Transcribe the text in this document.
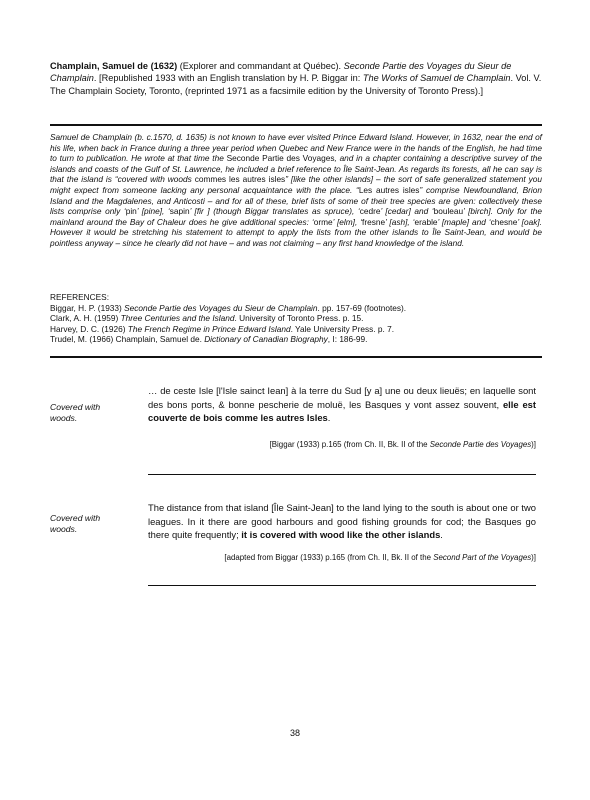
Champlain, Samuel de (1632) (Explorer and commandant at Québec). Seconde Partie des Voyages du Sieur de Champlain. [Republished 1933 with an English translation by H. P. Biggar in: The Works of Samuel de Champlain. Vol. V. The Champlain Society, Toronto, (reprinted 1971 as a facsimile edition by the University of Toronto Press).]
Samuel de Champlain (b. c.1570, d. 1635) is not known to have ever visited Prince Edward Island. However, in 1632, near the end of his life, when back in France during a three year period when Quebec and New France were in the hands of the English, he had time to turn to publication. He wrote at that time the Seconde Partie des Voyages, and in a chapter containing a descriptive survey of the islands and coasts of the Gulf of St. Lawrence, he included a brief reference to Île Saint-Jean. As regards its forests, all he can say is that the island is “covered with woods commes les autres isles” [like the other islands] – the sort of safe generalized statement you might expect from someone lacking any personal acquaintance with the place. “Les autres isles” comprise Newfoundland, Brion Island and the Magdalenes, and Anticosti – and for all of these, brief lists of some of their tree species are given: collectively these lists comprise only ‘pin’ [pine], ‘sapin’ [fir ] (though Biggar translates as spruce), ‘cedre’ [cedar] and ‘bouleau’ [birch]. Only for the mainland around the Bay of Chaleur does he give additional species: ‘orme’ [elm], ‘fresne’ [ash], ‘erable’ [maple] and ‘chesne’ [oak]. However it would be stretching his statement to attempt to apply the lists from the other islands to Île Saint-Jean, and would be pointless anyway – since he clearly did not have – and was not claiming – any first hand knowledge of the island.
REFERENCES:
Biggar, H. P. (1933) Seconde Partie des Voyages du Sieur de Champlain. pp. 157-69 (footnotes).
Clark, A. H. (1959) Three Centuries and the Island. University of Toronto Press. p. 15.
Harvey, D. C. (1926) The French Regime in Prince Edward Island. Yale University Press. p. 7.
Trudel, M. (1966) Champlain, Samuel de. Dictionary of Canadian Biography, I: 186-99.
Covered with woods.
… de ceste Isle [l'Isle sainct Iean] à la terre du Sud [y a] une ou deux lieuës; en laquelle sont des bons ports, & bonne pescherie de moluë, les Basques y vont assez souvent, elle est couverte de bois comme les autres Isles.
[Biggar (1933) p.165 (from Ch. II, Bk. II of the Seconde Partie des Voyages)]
Covered with woods.
The distance from that island [Île Saint-Jean] to the land lying to the south is about one or two leagues. In it there are good harbours and good fishing grounds for cod; the Basques go there quite frequently; it is covered with wood like the other islands.
[adapted from Biggar (1933) p.165 (from Ch. II, Bk. II of the Second Part of the Voyages)]
38
